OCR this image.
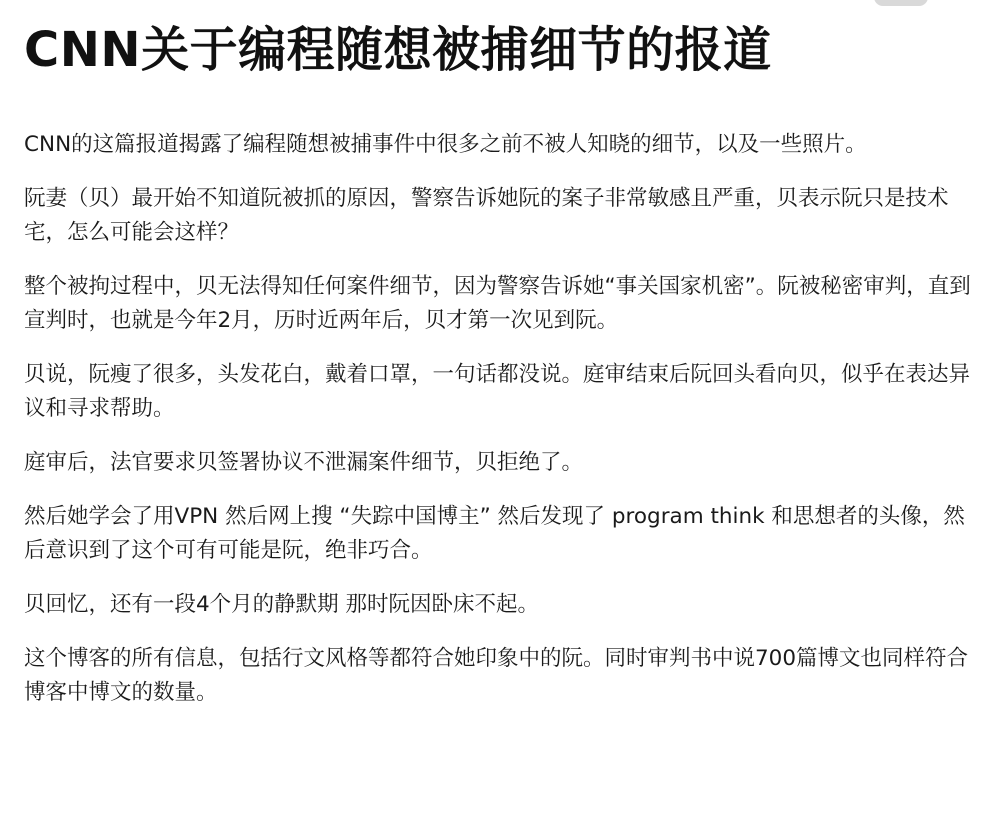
CNN关于编程随想被捕细节的报道

CNN的这篇报道揭露了编程随想被捕事件中很多之前不被人知晓的细节，以及一些照片。

阮妻（贝）最开始不知道阮被抓的原因，警察告诉她阮的案子非常敏感且严重，贝表示阮只是技术宅，怎么可能会这样？

整个被拘过程中，贝无法得知任何案件细节，因为警察告诉她“事关国家机密”。阮被秘密审判，直到宣判时，也就是今年2月，历时近两年后，贝才第一次见到阮。

贝说，阮瘦了很多，头发花白，戴着口罩，一句话都没说。庭审结束后阮回头看向贝，似乎在表达异议和寻求帮助。

庭审后，法官要求贝签署协议不泄漏案件细节，贝拒绝了。

然后她学会了用VPN 然后网上搜 “失踪中国博主” 然后发现了 program think 和思想者的头像，然后意识到了这个可有可能是阮，绝非巧合。

贝回忆，还有一段4个月的静默期 那时阮因卧床不起。

这个博客的所有信息，包括行文风格等都符合她印象中的阮。同时审判书中说700篇博文也同样符合博客中博文的数量。
